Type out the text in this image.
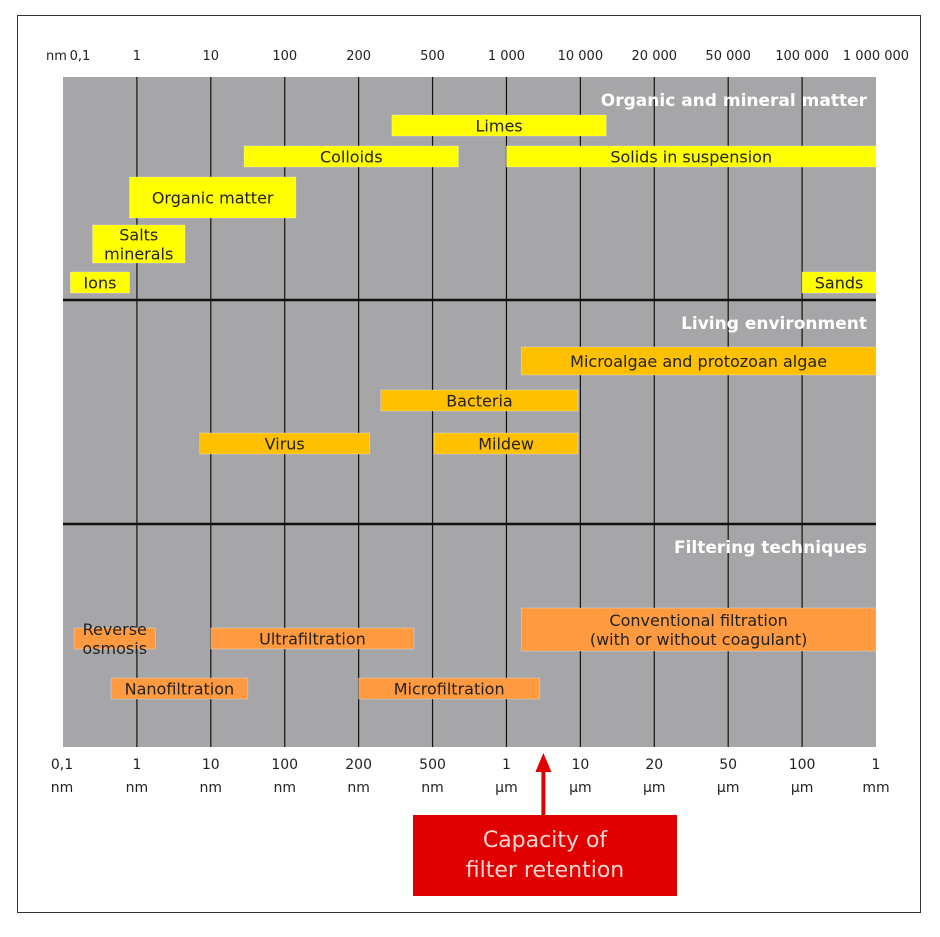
Limes
Colloids	Solids in suspension
Organic matter
Salts
minerals
Ions	Sands
Microalgae and protozoan algae
Bacteria
Virus	Mildew
Conventional filtration
(with or without coagulant)
Reverse
osmosis	Ultrafiltration
Nanofiltration	Microfiltration
Organic and mineral matter
Living environment
Filtering techniques
nm 0,1	1	10	100	200	500	1 000	10 000 20 000 50 000 100 000 1 000 000
0,1
nm
1
nm
10
nm
100
nm
200
nm
500
nm
1
µm
10
µm
20
µm
50
µm
100
µm
1
mm
Capacity of
filter retention
